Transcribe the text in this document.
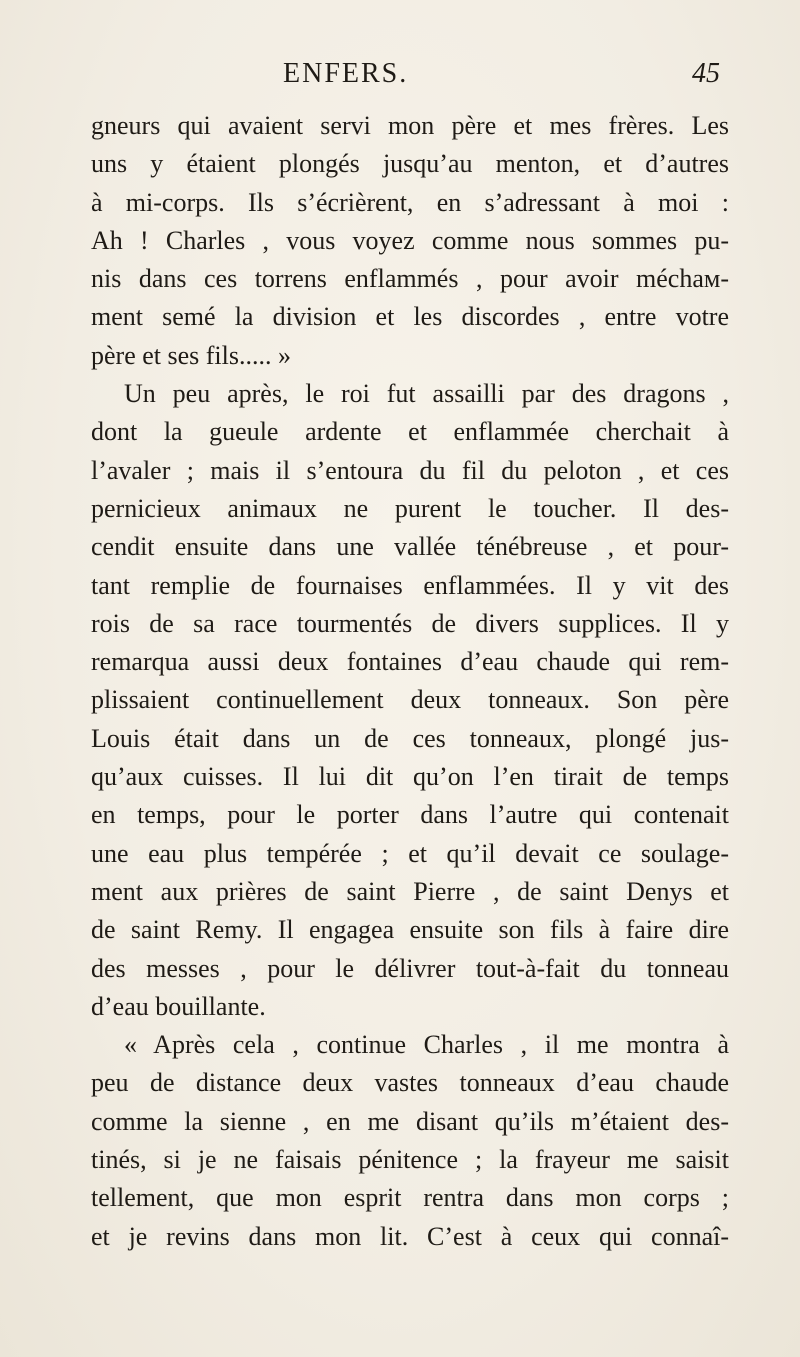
ENFERS.	45
gneurs qui avaient servi mon père et mes frères. Les
uns y étaient plongés jusqu’au menton, et d’autres
à mi-corps. Ils s’écrièrent, en s’adressant à moi :
Ah ! Charles , vous voyez comme nous sommes pu-
nis dans ces torrens enflammés , pour avoir méchам-
ment semé la division et les discordes , entre votre
père et ses fils..... »
Un peu après, le roi fut assailli par des dragons ,
dont la gueule ardente et enflammée cherchait à
l’avaler ; mais il s’entoura du fil du peloton , et ces
pernicieux animaux ne purent le toucher. Il des-
cendit ensuite dans une vallée ténébreuse , et pour-
tant remplie de fournaises enflammées. Il y vit des
rois de sa race tourmentés de divers supplices. Il y
remarqua aussi deux fontaines d’eau chaude qui rem-
plissaient continuellement deux tonneaux. Son père
Louis était dans un de ces tonneaux, plongé jus-
qu’aux cuisses. Il lui dit qu’on l’en tirait de temps
en temps, pour le porter dans l’autre qui contenait
une eau plus tempérée ; et qu’il devait ce soulage-
ment aux prières de saint Pierre , de saint Denys et
de saint Remy. Il engagea ensuite son fils à faire dire
des messes , pour le délivrer tout-à-fait du tonneau
d’eau bouillante.
« Après cela , continue Charles , il me montra à
peu de distance deux vastes tonneaux d’eau chaude
comme la sienne , en me disant qu’ils m’étaient des-
tinés, si je ne faisais pénitence ; la frayeur me saisit
tellement, que mon esprit rentra dans mon corps ;
et je revins dans mon lit. C’est à ceux qui connaî-
